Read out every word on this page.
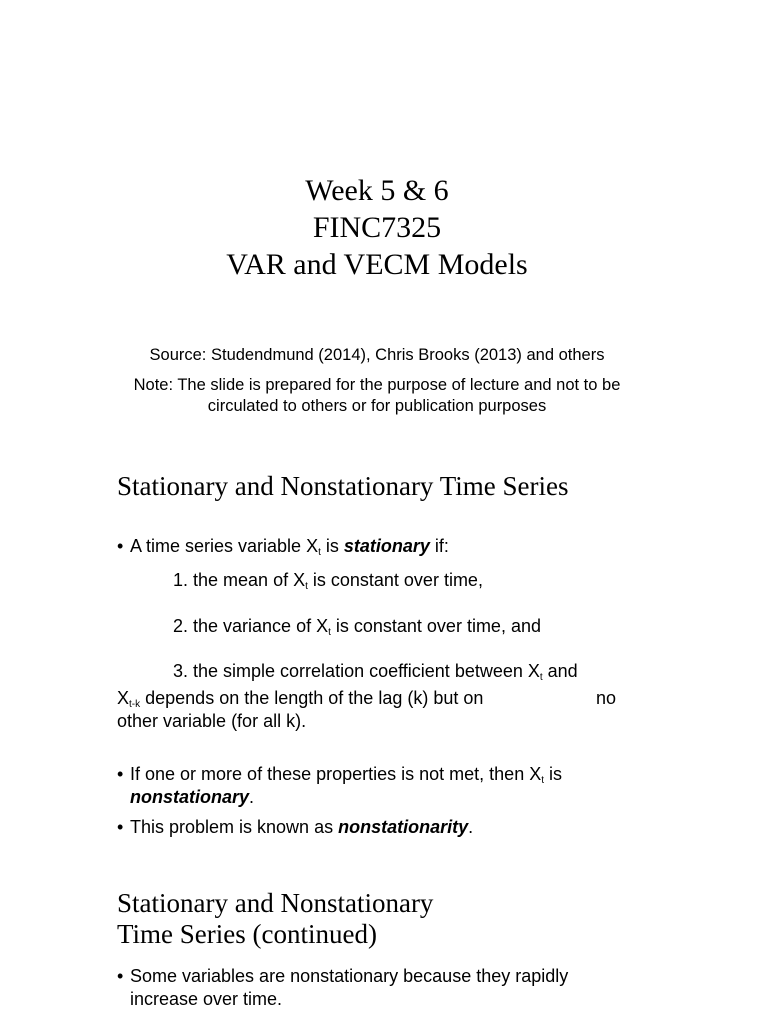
Week 5 & 6
FINC7325
VAR and VECM Models
Source: Studendmund (2014), Chris Brooks (2013) and others
Note: The slide is prepared for the purpose of lecture and not to be
circulated to others or for publication purposes
Stationary and Nonstationary Time Series
• A time series variable $X_t$ is stationary if:
1. the mean of $X_t$ is constant over time,
2. the variance of $X_t$ is constant over time, and
3. the simple correlation coefficient between $X_t$ and
$X_{t-k}$ depends on the length of the lag (k) but on	no
other variable (for all k).
• If one or more of these properties is not met, then $X_t$ is
nonstationary.
• This problem is known as nonstationarity.
Stationary and Nonstationary
Time Series (continued)
• Some variables are nonstationary because they rapidly
increase over time.
